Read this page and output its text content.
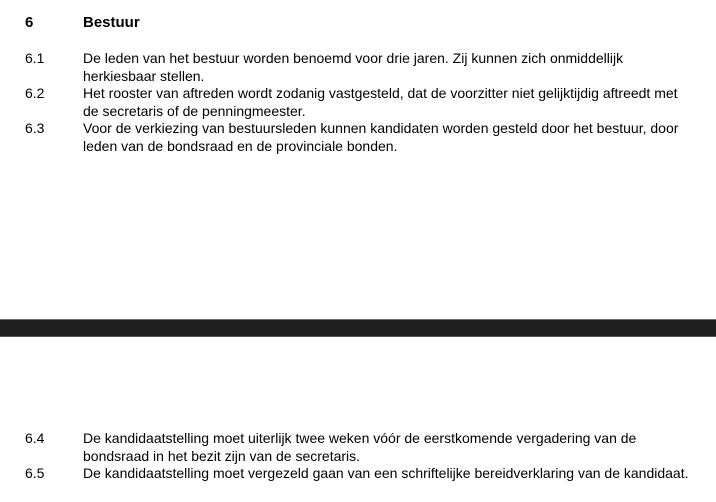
6	Bestuur
6.1	De leden van het bestuur worden benoemd voor drie jaren. Zij kunnen zich onmiddellijk herkiesbaar stellen.
6.2	Het rooster van aftreden wordt zodanig vastgesteld, dat de voorzitter niet gelijktijdig aftreedt met de secretaris of de penningmeester.
6.3	Voor de verkiezing van bestuursleden kunnen kandidaten worden gesteld door het bestuur, door leden van de bondsraad en de provinciale bonden.
6.4	De kandidaatstelling moet uiterlijk twee weken vóór de eerstkomende vergadering van de bondsraad in het bezit zijn van de secretaris.
6.5	De kandidaatstelling moet vergezeld gaan van een schriftelijke bereidverklaring van de kandidaat.
